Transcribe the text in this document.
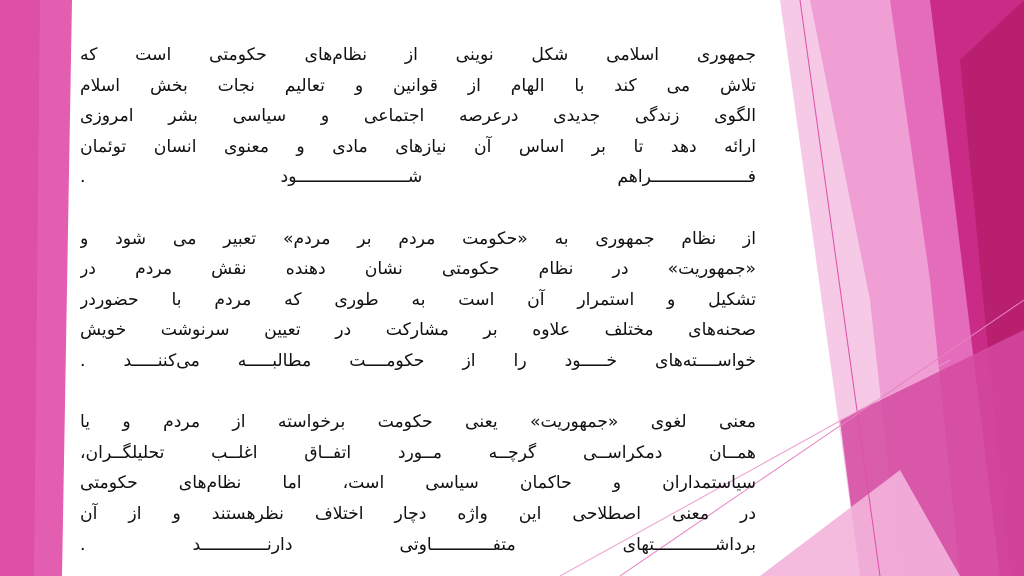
جمهوری اسلامی شکل نوینی از نظام‌های حکومتی است که
تلاش می کند با الهام از قوانین و تعالیم نجات بخش اسلام
الگوی زندگی جدیدی درعرصه اجتماعی و سیاسی بشر امروزی
ارائه دهد تا بر اساس آن نیازهای مادی و معنوی انسان توئمان
فـــــــــــــــــــراهم شــــــــــــــــــــــود .

از نظام جمهوری به «حکومت مردم بر مردم» تعبیر می شود و
«جمهوریت» در نظام حکومتی نشان دهنده نقش مردم در
تشکیل و استمرار آن است به طوری که مردم با حضوردر
صحنه‌های مختلف علاوه بر مشارکت در تعیین سرنوشت خویش
خواســــته‌های خـــــود را از حکومــــت مطالبـــــه می‌کننـــــد .

معنی لغوی «جمهوریت» یعنی حکومت برخواسته از مردم و یا
همــان دمکراســی گرچــه مــورد اتفــاق اغلــب تحلیلگــران،
سیاستمداران و حاکمان سیاسی است، اما نظام‌های حکومتی
در معنی اصطلاحی این واژه دچار اختلاف نظرهستند و از آن
برداشــــــــــــتهای متفــــــــــــاوتی دارنـــــــــــــد .
